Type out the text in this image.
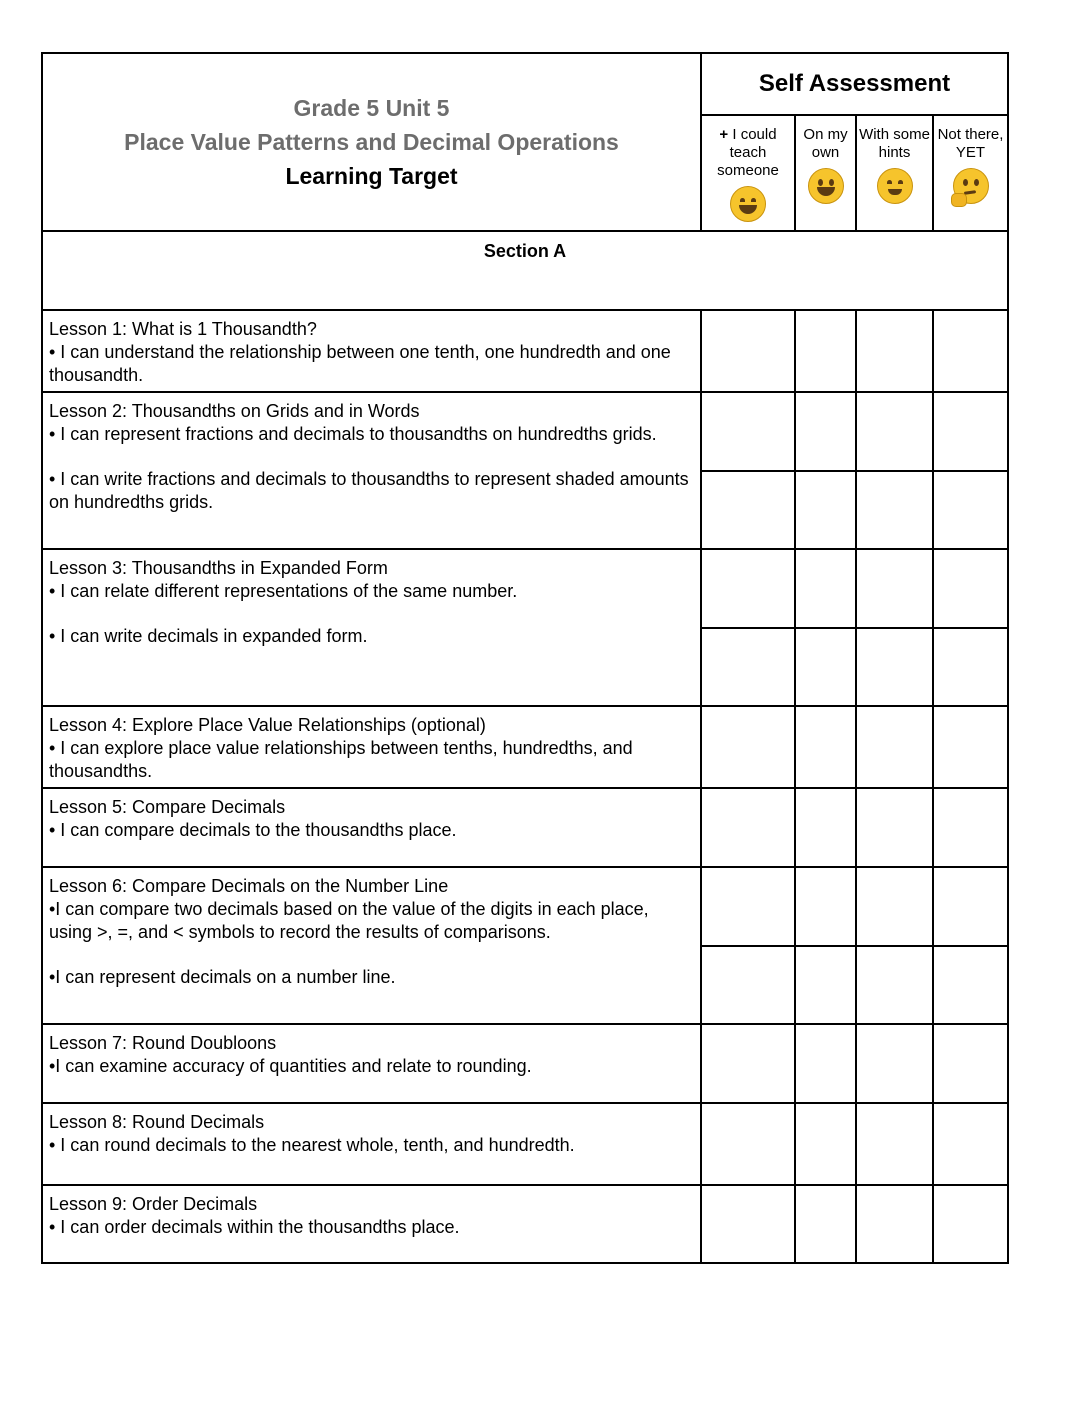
Grade 5 Unit 5
Place Value Patterns and Decimal Operations
Learning Target	Self Assessment			

	+ I could teach someone	On my own	With some hints	Not there, YET

Section A				

Lesson 1: What is 1 Thousandth?
• I can understand the relationship between one tenth, one hundredth and one thousandth.				

Lesson 2: Thousandths on Grids and in Words
• I can represent fractions and decimals to thousandths on hundredths grids.
• I can write fractions and decimals to thousandths to represent shaded amounts on hundredths grids.				

Lesson 3: Thousandths in Expanded Form
• I can relate different representations of the same number.
• I can write decimals in expanded form.				

Lesson 4: Explore Place Value Relationships (optional)
• I can explore place value relationships between tenths, hundredths, and thousandths.				

Lesson 5: Compare Decimals
• I can compare decimals to the thousandths place.				

Lesson 6: Compare Decimals on the Number Line
•I can compare two decimals based on the value of the digits in each place, using >, =, and < symbols to record the results of comparisons.
•I can represent decimals on a number line.				

Lesson 7: Round Doubloons
•I can examine accuracy of quantities and relate to rounding.				

Lesson 8: Round Decimals
• I can round decimals to the nearest whole, tenth, and hundredth.				

Lesson 9: Order Decimals
• I can order decimals within the thousandths place.				
